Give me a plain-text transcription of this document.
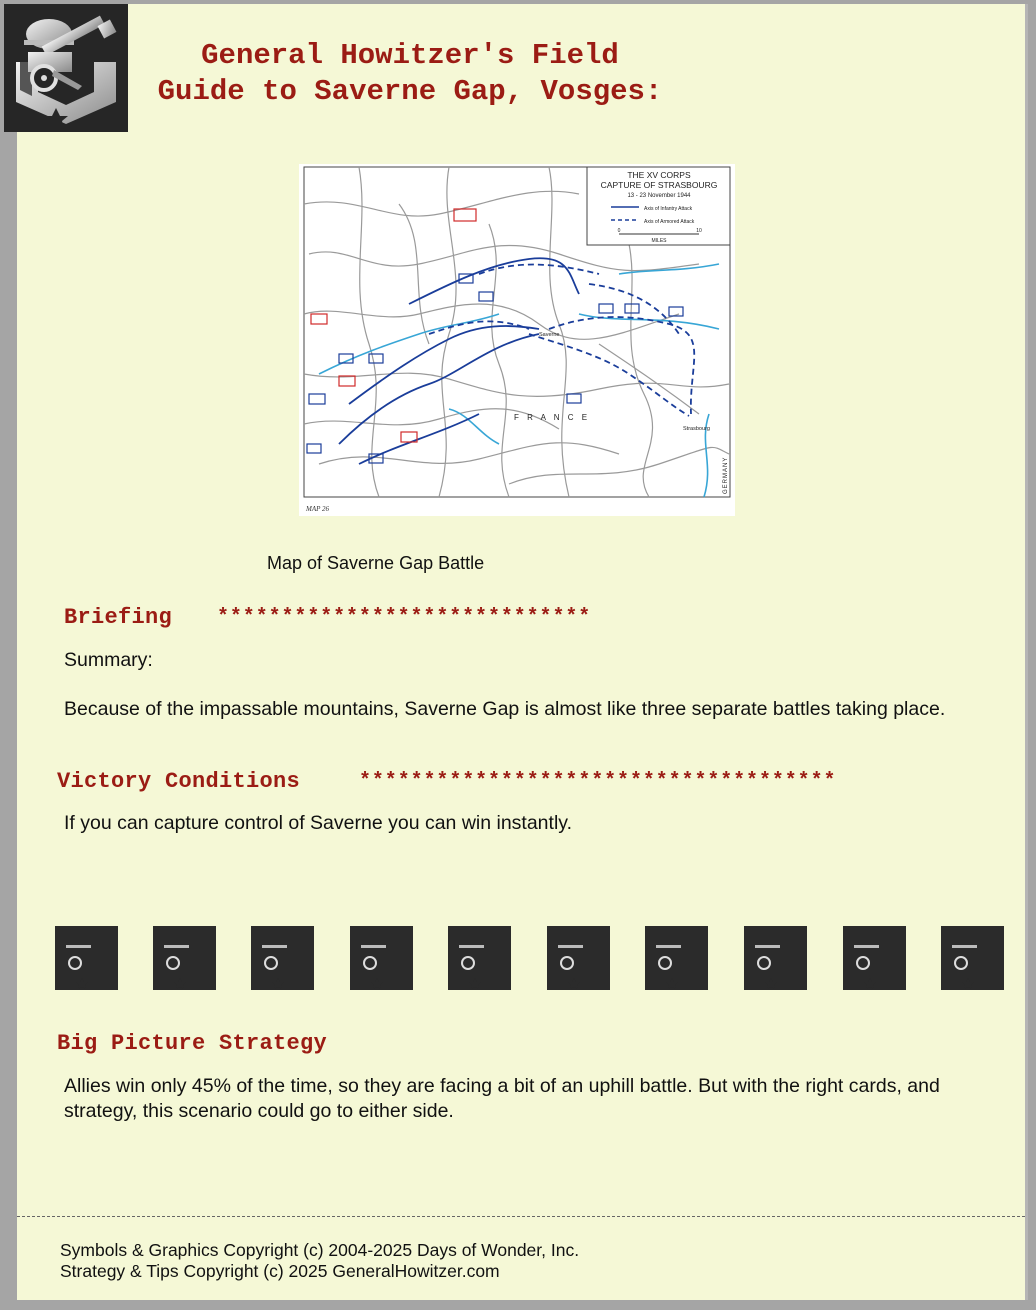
General Howitzer's Field
Guide to Saverne Gap, Vosges:
THE XV CORPS
CAPTURE OF STRASBOURG
13 - 23 November 1944
Axis of Infantry Attack
Axis of Armored Attack
0	10
MILES
F R A N C E
Saverne
Strasbourg
GERMANY
MAP 26
Map of Saverne Gap Battle
Briefing *****************************
Summary:
Because of the impassable mountains, Saverne Gap is almost like three separate battles taking place.
Victory Conditions	*************************************
If you can capture control of Saverne you can win instantly.
Big Picture Strategy
Allies win only 45% of the time, so they are facing a bit of an uphill battle. But with the right cards, and strategy, this scenario could go to either side.
Symbols & Graphics Copyright (c) 2004-2025 Days of Wonder, Inc.
Strategy & Tips Copyright (c) 2025 GeneralHowitzer.com
